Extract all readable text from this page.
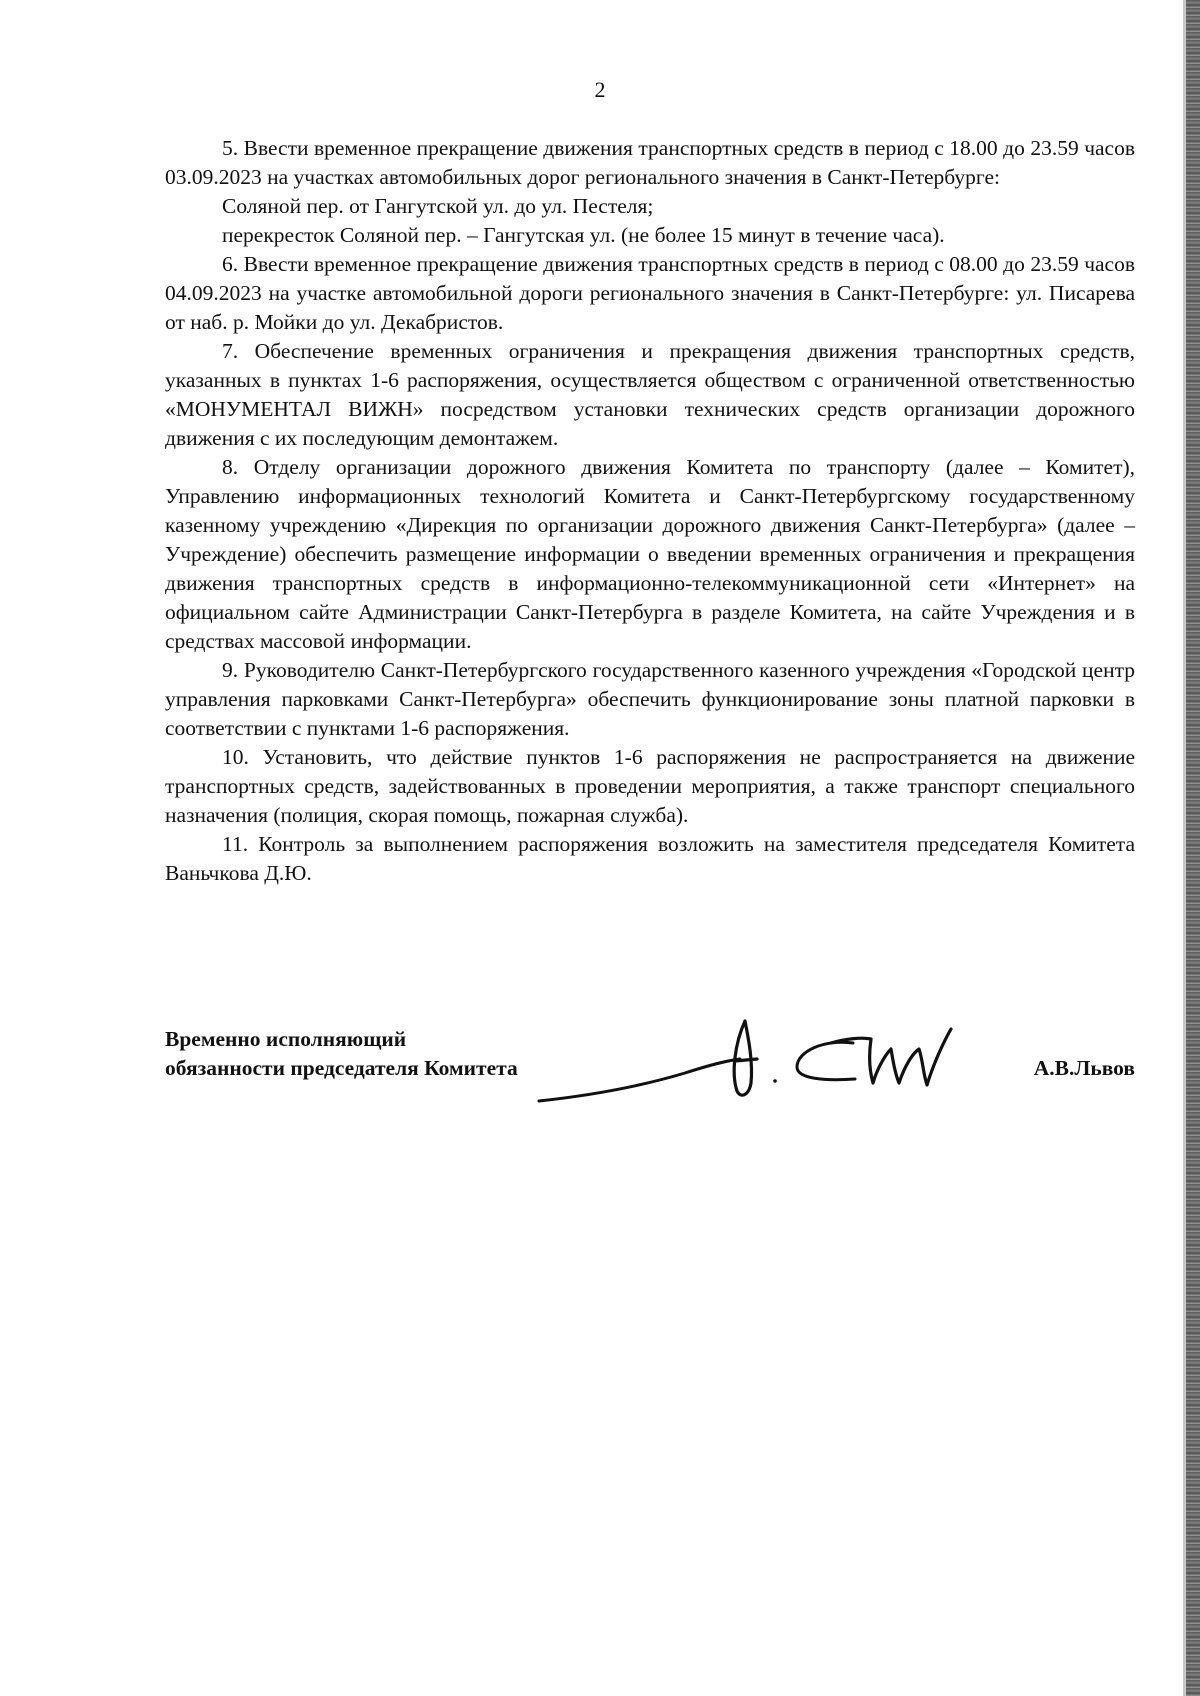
2

5. Ввести временное прекращение движения транспортных средств в период с 18.00 до 23.59 часов 03.09.2023 на участках автомобильных дорог регионального значения в Санкт-Петербурге:

Соляной пер. от Гангутской ул. до ул. Пестеля;

перекресток Соляной пер. – Гангутская ул. (не более 15 минут в течение часа).

6. Ввести временное прекращение движения транспортных средств в период с 08.00 до 23.59 часов 04.09.2023 на участке автомобильной дороги регионального значения в Санкт-Петербурге: ул. Писарева от наб. р. Мойки до ул. Декабристов.

7. Обеспечение временных ограничения и прекращения движения транспортных средств, указанных в пунктах 1-6 распоряжения, осуществляется обществом с ограниченной ответственностью «МОНУМЕНТАЛ ВИЖН» посредством установки технических средств организации дорожного движения с их последующим демонтажем.

8. Отделу организации дорожного движения Комитета по транспорту (далее – Комитет), Управлению информационных технологий Комитета и Санкт-Петербургскому государственному казенному учреждению «Дирекция по организации дорожного движения Санкт-Петербурга» (далее – Учреждение) обеспечить размещение информации о введении временных ограничения и прекращения движения транспортных средств в информационно-телекоммуникационной сети «Интернет» на официальном сайте Администрации Санкт-Петербурга в разделе Комитета, на сайте Учреждения и в средствах массовой информации.

9. Руководителю Санкт-Петербургского государственного казенного учреждения «Городской центр управления парковками Санкт-Петербурга» обеспечить функционирование зоны платной парковки в соответствии с пунктами 1-6 распоряжения.

10. Установить, что действие пунктов 1-6 распоряжения не распространяется на движение транспортных средств, задействованных в проведении мероприятия, а также транспорт специального назначения (полиция, скорая помощь, пожарная служба).

11. Контроль за выполнением распоряжения возложить на заместителя председателя Комитета Ваньчкова Д.Ю.

Временно исполняющий
обязанности председателя Комитета	А.В.Львов
